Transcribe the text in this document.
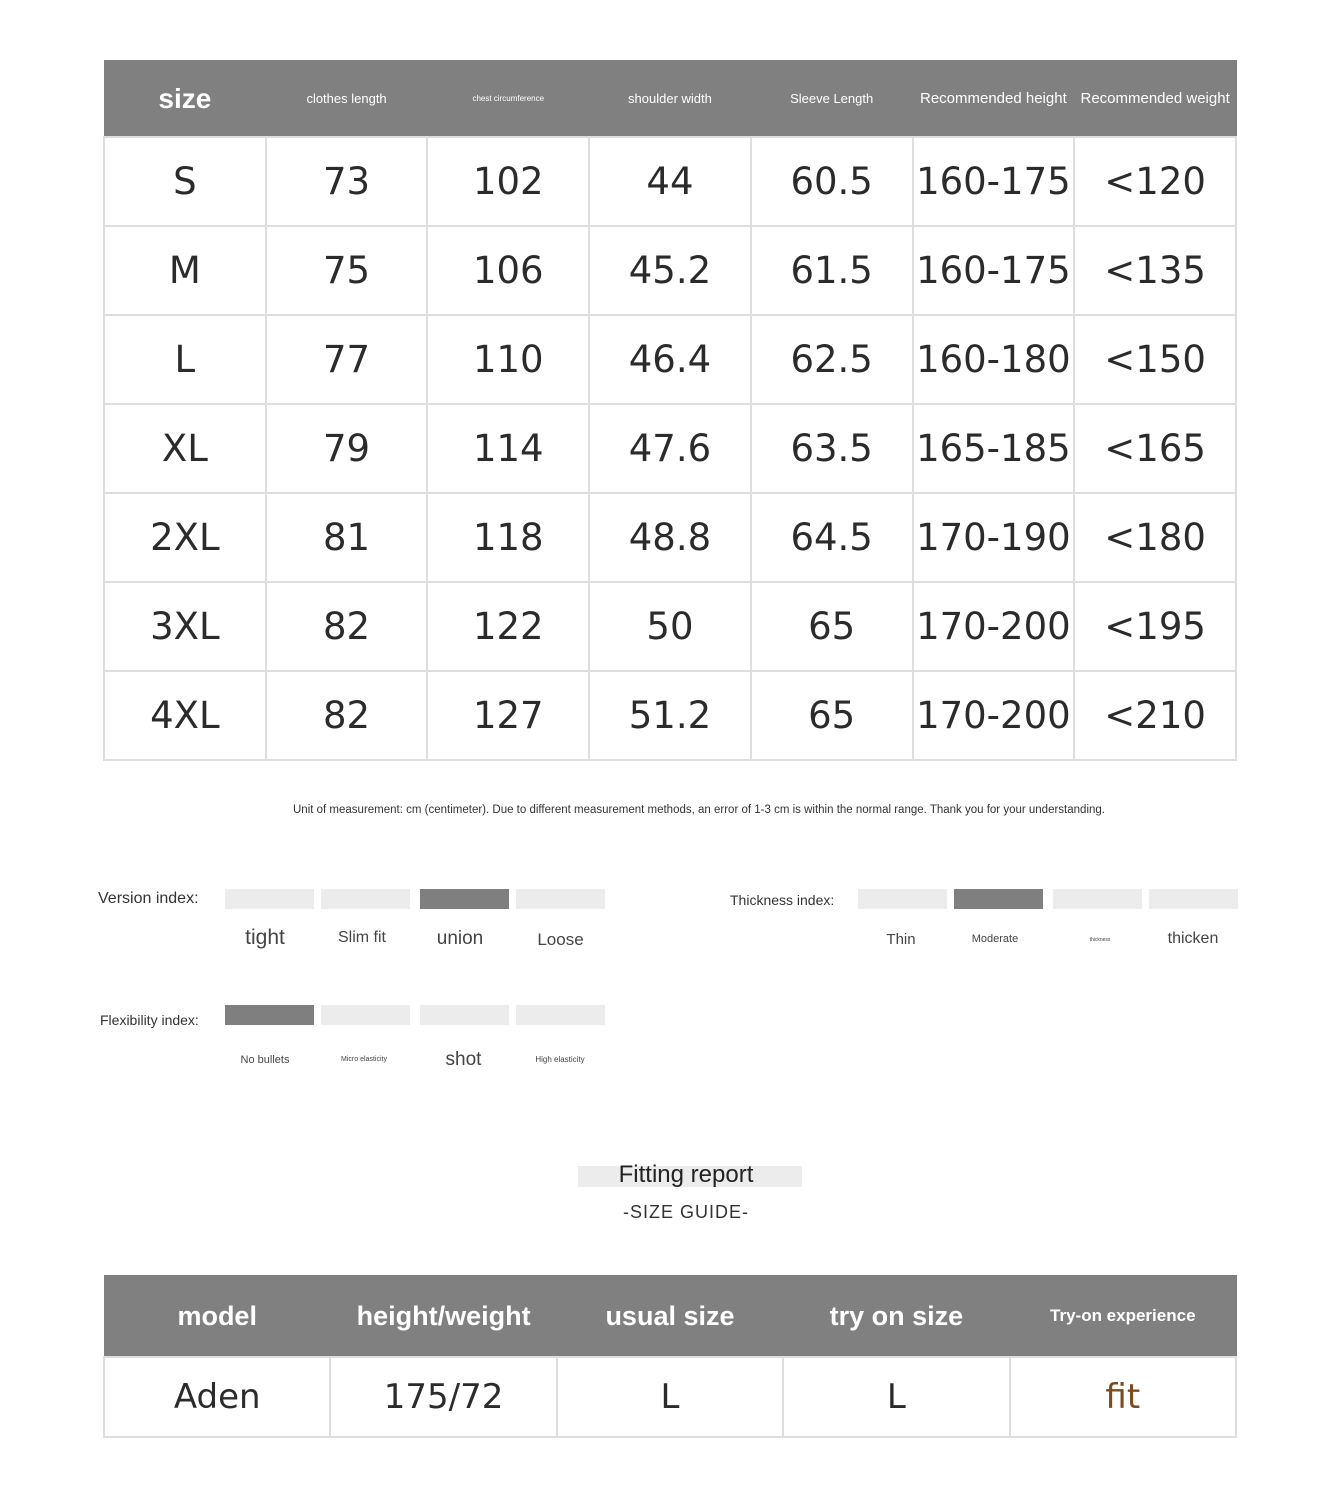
size	clothes length	chest circumference	shoulder width	Sleeve Length	Recommended height	Recommended weight
S	73	102	44	60.5	160-175	<120
M	75	106	45.2	61.5	160-175	<135
L	77	110	46.4	62.5	160-180	<150
XL	79	114	47.6	63.5	165-185	<165
2XL	81	118	48.8	64.5	170-190	<180
3XL	82	122	50	65	170-200	<195
4XL	82	127	51.2	65	170-200	<210
Unit of measurement: cm (centimeter). Due to different measurement methods, an error of 1-3 cm is within the normal range. Thank you for your understanding.
Version index:
tight	Slim fit	union	Loose
Thickness index:
Thin	Moderate	thickness	thicken
Flexibility index:
No bullets	Micro elasticity	shot	High elasticity
Fitting report
-SIZE GUIDE-
model	height/weight	usual size	try on size	Try-on experience
Aden	175/72	L	L	fit
